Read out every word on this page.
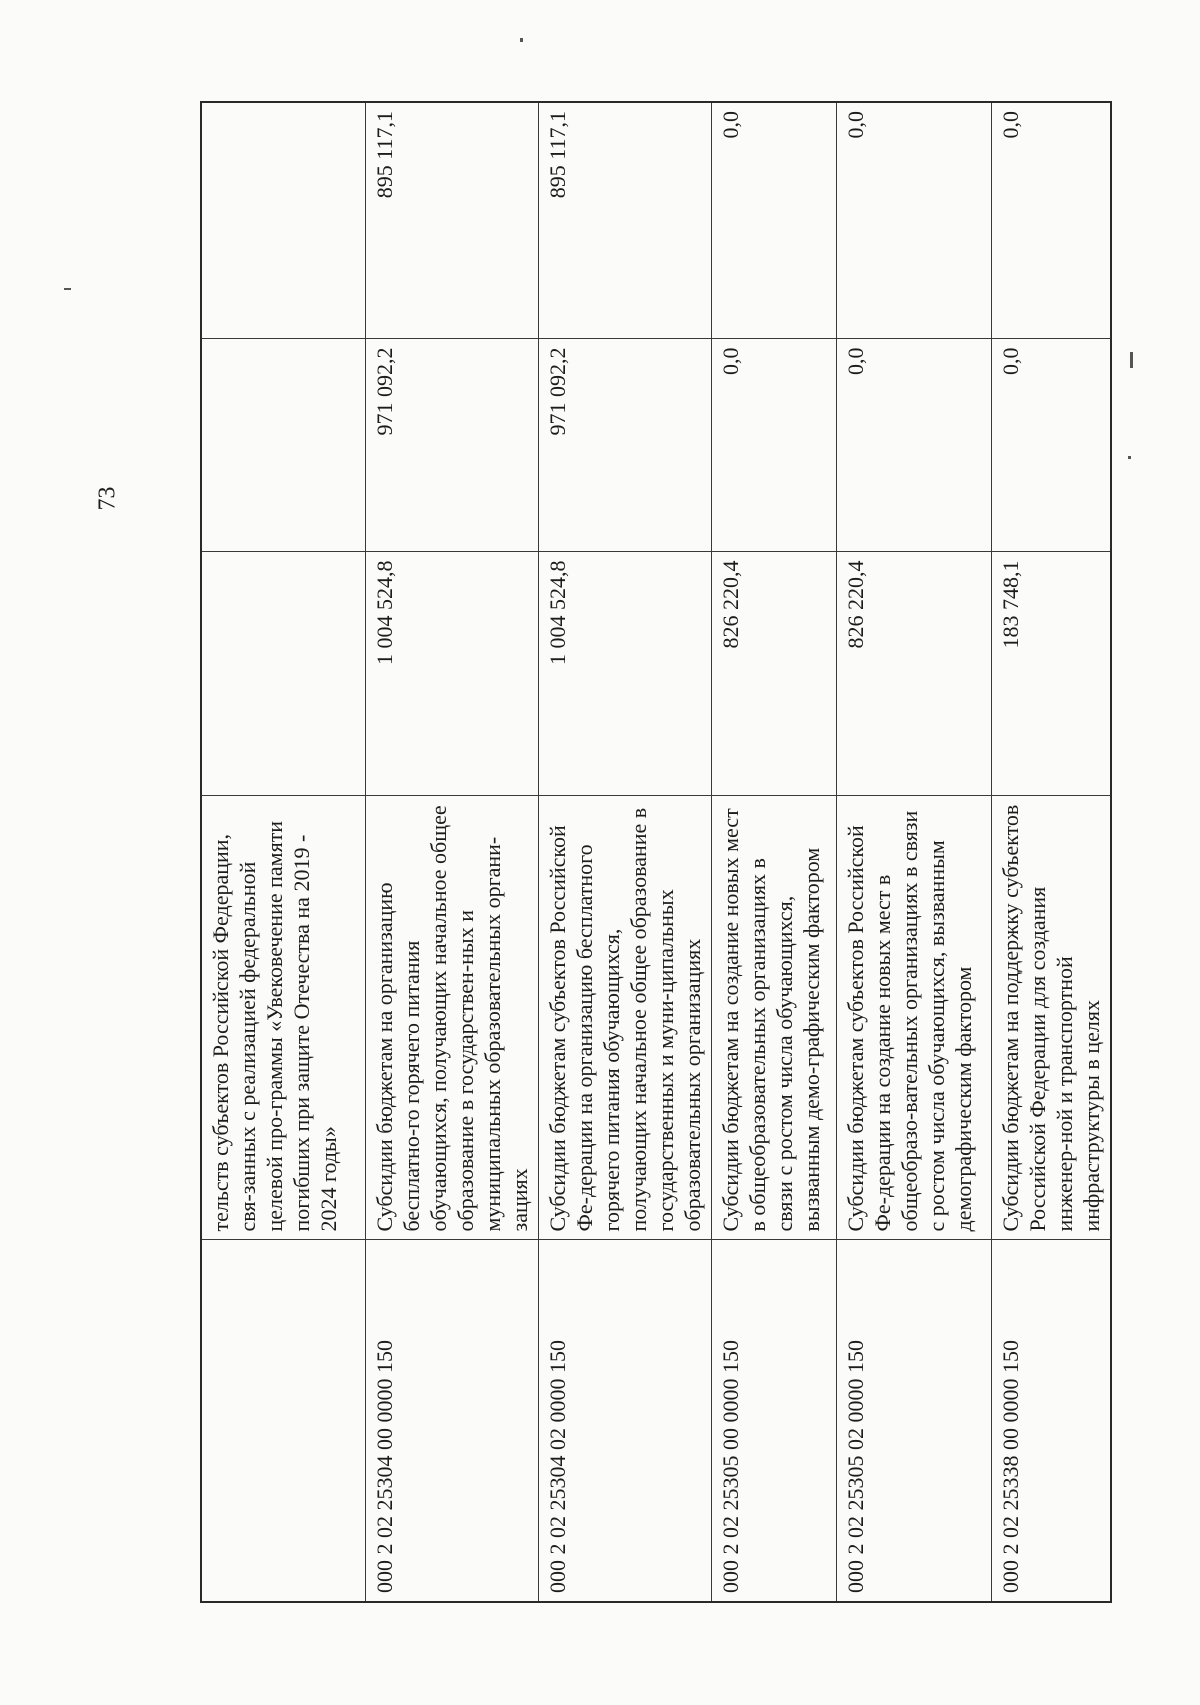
73
	тельств субъектов Российской Федерации, свя-занных с реализацией федеральной целевой про-граммы «Увековечение памяти погибших при защите Отечества на 2019 - 2024 годы»			
000 2 02 25304 00 0000 150	Субсидии бюджетам на организацию бесплатно-го горячего питания обучающихся, получающих начальное общее образование в государствен-ных и муниципальных образовательных органи-зациях	1 004 524,8	971 092,2	895 117,1
000 2 02 25304 02 0000 150	Субсидии бюджетам субъектов Российской Фе-дерации на организацию бесплатного горячего питания обучающихся, получающих начальное общее образование в государственных и муни-ципальных образовательных организациях	1 004 524,8	971 092,2	895 117,1
000 2 02 25305 00 0000 150	Субсидии бюджетам на создание новых мест в общеобразовательных организациях в связи с ростом числа обучающихся, вызванным демо-графическим фактором	826 220,4	0,0	0,0
000 2 02 25305 02 0000 150	Субсидии бюджетам субъектов Российской Фе-дерации на создание новых мест в общеобразо-вательных организациях в связи с ростом числа обучающихся, вызванным демографическим фактором	826 220,4	0,0	0,0
000 2 02 25338 00 0000 150	Субсидии бюджетам на поддержку субъектов Российской Федерации для создания инженер-ной и транспортной инфраструктуры в целях	183 748,1	0,0	0,0
